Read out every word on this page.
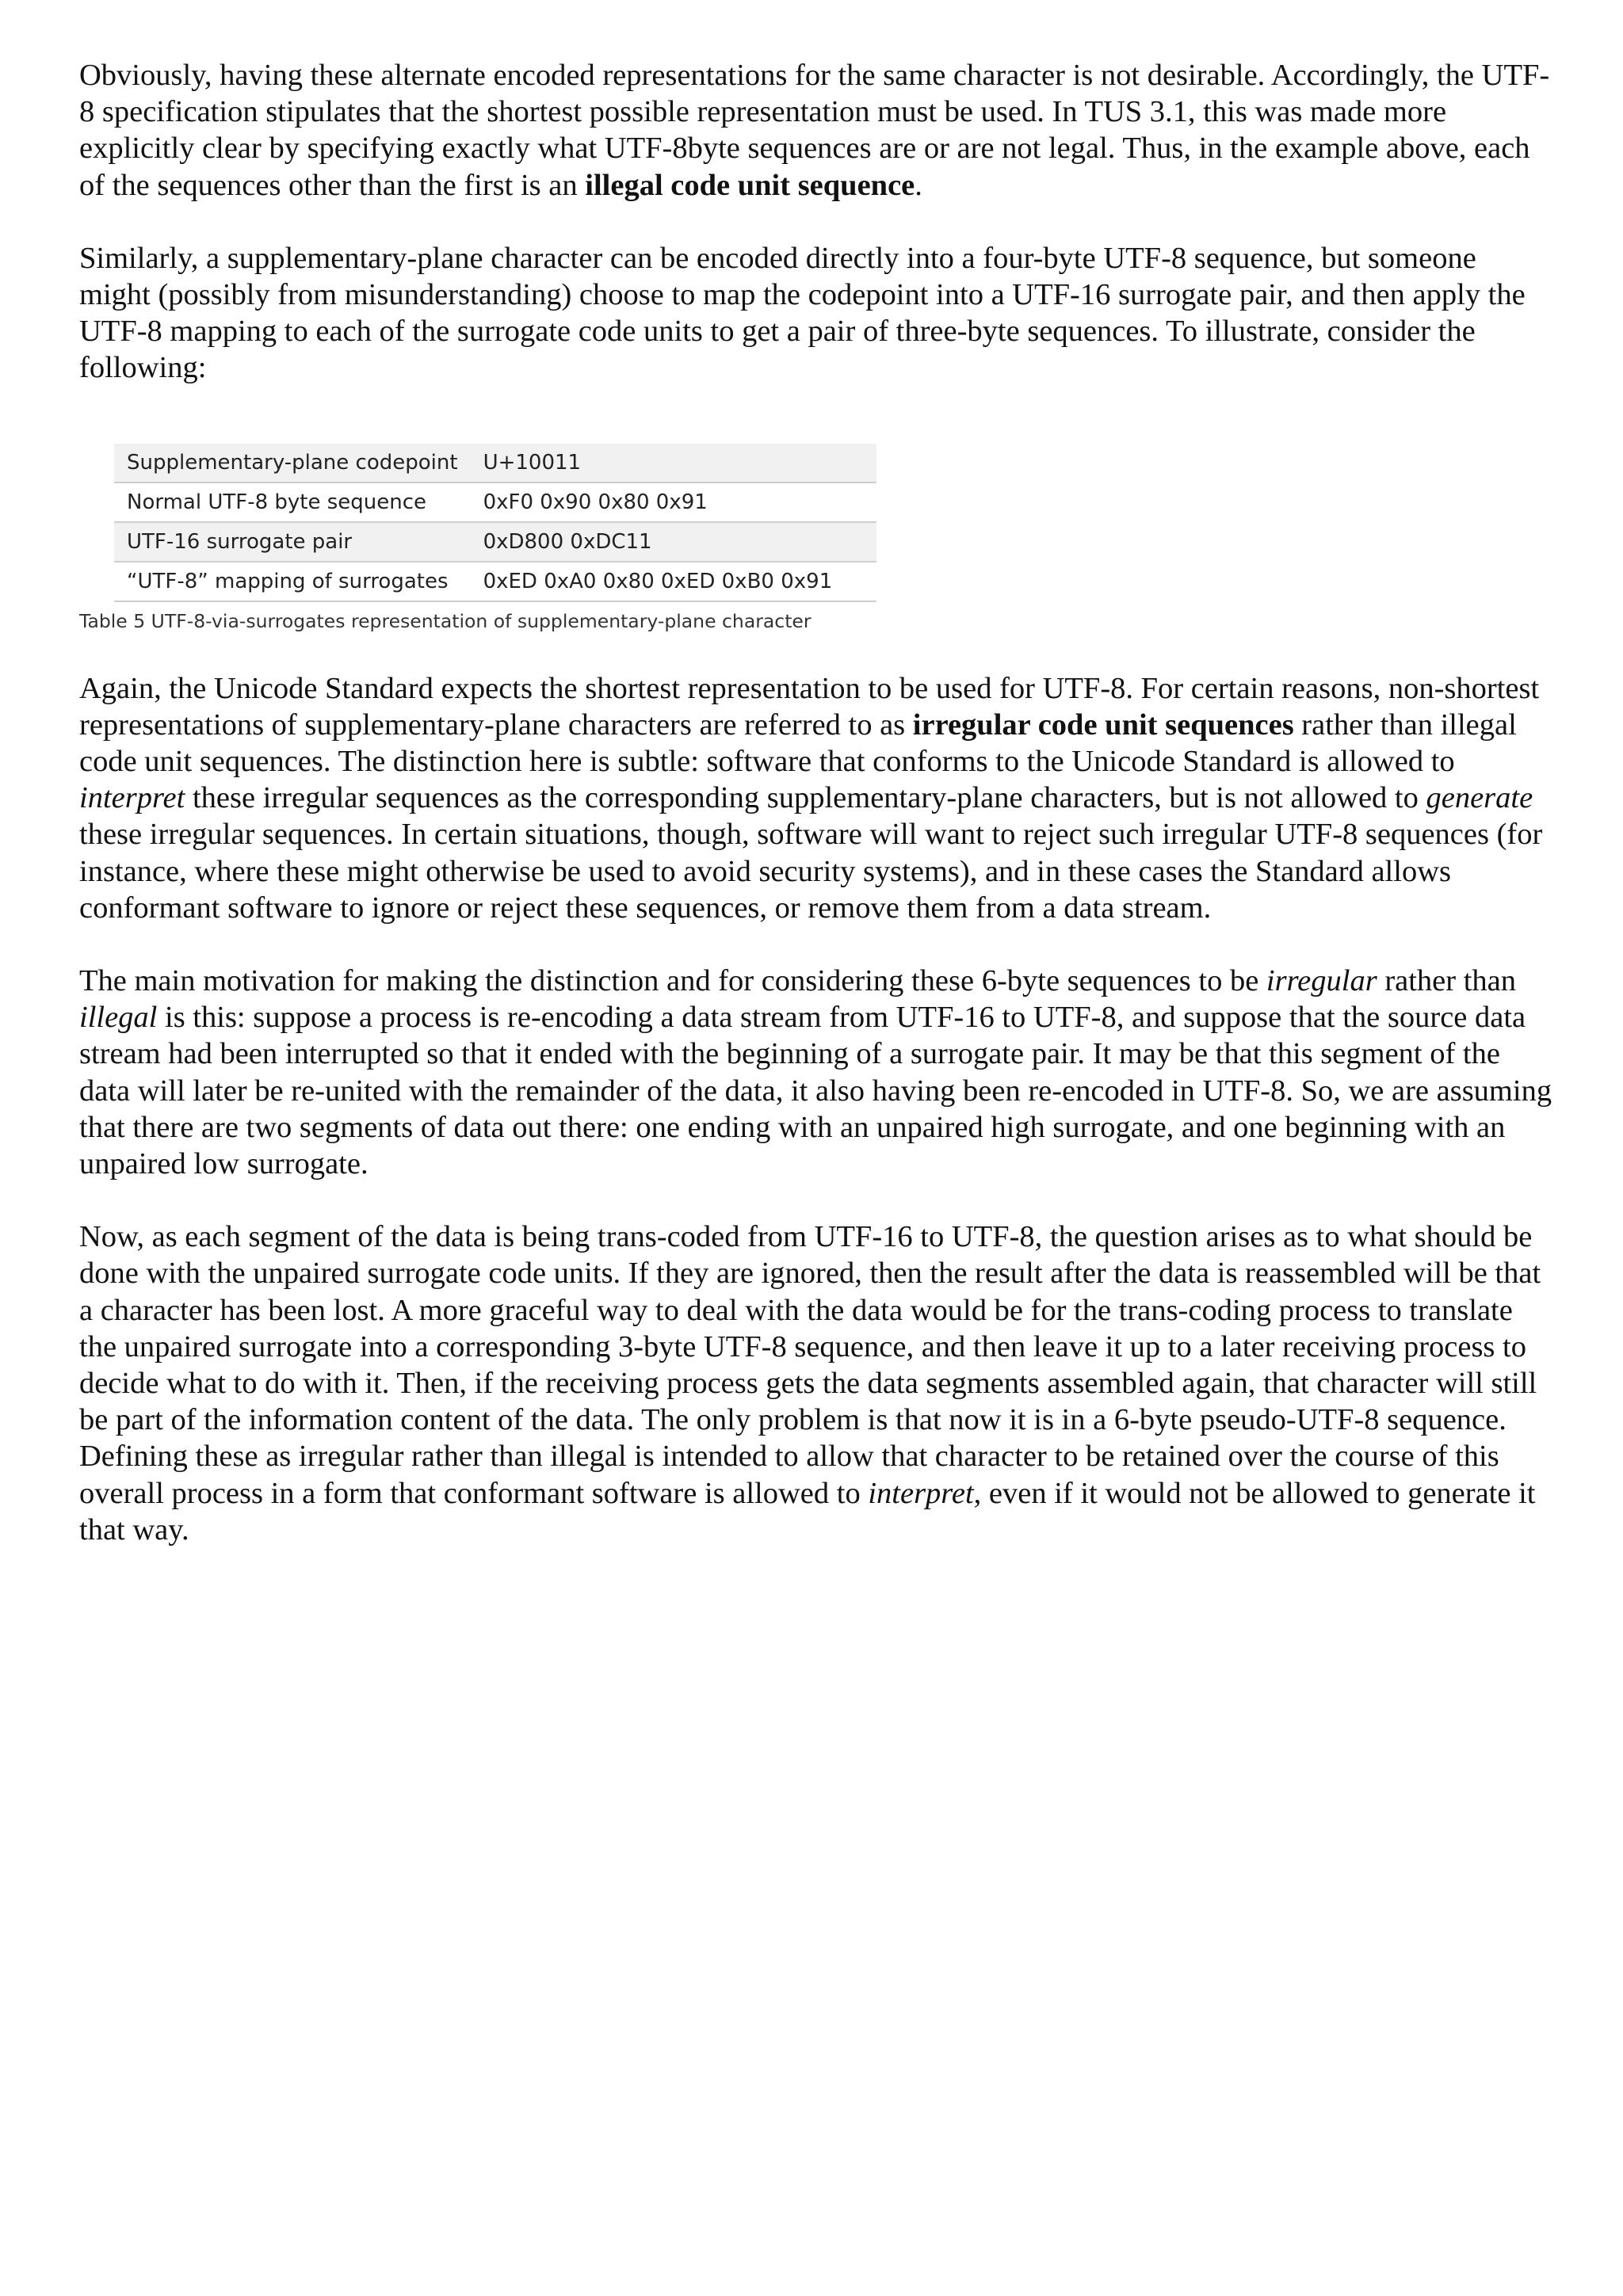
Obviously, having these alternate encoded representations for the same character is not desirable. Accordingly, the UTF-8 specification stipulates that the shortest possible representation must be used. In TUS 3.1, this was made more explicitly clear by specifying exactly what UTF-8byte sequences are or are not legal. Thus, in the example above, each of the sequences other than the first is an illegal code unit sequence.

Similarly, a supplementary-plane character can be encoded directly into a four-byte UTF-8 sequence, but someone might (possibly from misunderstanding) choose to map the codepoint into a UTF-16 surrogate pair, and then apply the UTF-8 mapping to each of the surrogate code units to get a pair of three-byte sequences. To illustrate, consider the following:

Supplementary-plane codepoint	U+10011
Normal UTF-8 byte sequence	0xF0 0x90 0x80 0x91
UTF-16 surrogate pair	0xD800 0xDC11
“UTF-8” mapping of surrogates	0xED 0xA0 0x80 0xED 0xB0 0x91
Table 5 UTF-8-via-surrogates representation of supplementary-plane character

Again, the Unicode Standard expects the shortest representation to be used for UTF-8. For certain reasons, non-shortest representations of supplementary-plane characters are referred to as irregular code unit sequences rather than illegal code unit sequences. The distinction here is subtle: software that conforms to the Unicode Standard is allowed to interpret these irregular sequences as the corresponding supplementary-plane characters, but is not allowed to generate these irregular sequences. In certain situations, though, software will want to reject such irregular UTF-8 sequences (for instance, where these might otherwise be used to avoid security systems), and in these cases the Standard allows conformant software to ignore or reject these sequences, or remove them from a data stream.

The main motivation for making the distinction and for considering these 6-byte sequences to be irregular rather than illegal is this: suppose a process is re-encoding a data stream from UTF-16 to UTF-8, and suppose that the source data stream had been interrupted so that it ended with the beginning of a surrogate pair. It may be that this segment of the data will later be re-united with the remainder of the data, it also having been re-encoded in UTF-8. So, we are assuming that there are two segments of data out there: one ending with an unpaired high surrogate, and one beginning with an unpaired low surrogate.

Now, as each segment of the data is being trans-coded from UTF-16 to UTF-8, the question arises as to what should be done with the unpaired surrogate code units. If they are ignored, then the result after the data is reassembled will be that a character has been lost. A more graceful way to deal with the data would be for the trans-coding process to translate the unpaired surrogate into a corresponding 3-byte UTF-8 sequence, and then leave it up to a later receiving process to decide what to do with it. Then, if the receiving process gets the data segments assembled again, that character will still be part of the information content of the data. The only problem is that now it is in a 6-byte pseudo-UTF-8 sequence. Defining these as irregular rather than illegal is intended to allow that character to be retained over the course of this overall process in a form that conformant software is allowed to interpret, even if it would not be allowed to generate it that way.
